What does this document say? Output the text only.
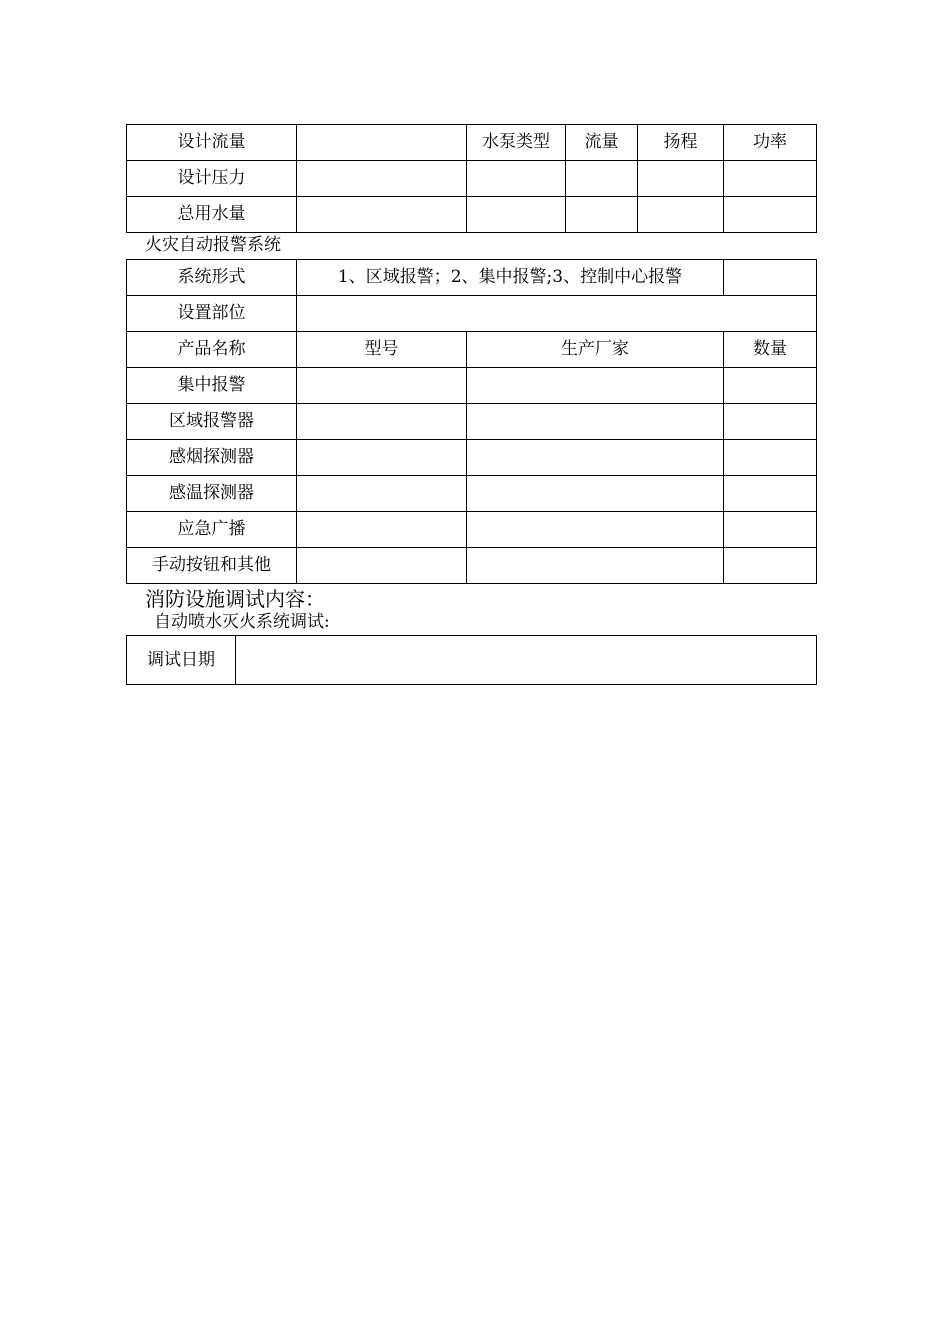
设计流量		水泵类型	流量	扬程	功率
设计压力					
总用水量					
火灾自动报警系统
系统形式	1、区域报警；2、集中报警;3、控制中心报警		
设置部位			
产品名称	型号	生产厂家	数量
集中报警			
区域报警器			
感烟探测器			
感温探测器			
应急广播			
手动按钮和其他			
消防设施调试内容：
自动喷水灭火系统调试:
调试日期	
